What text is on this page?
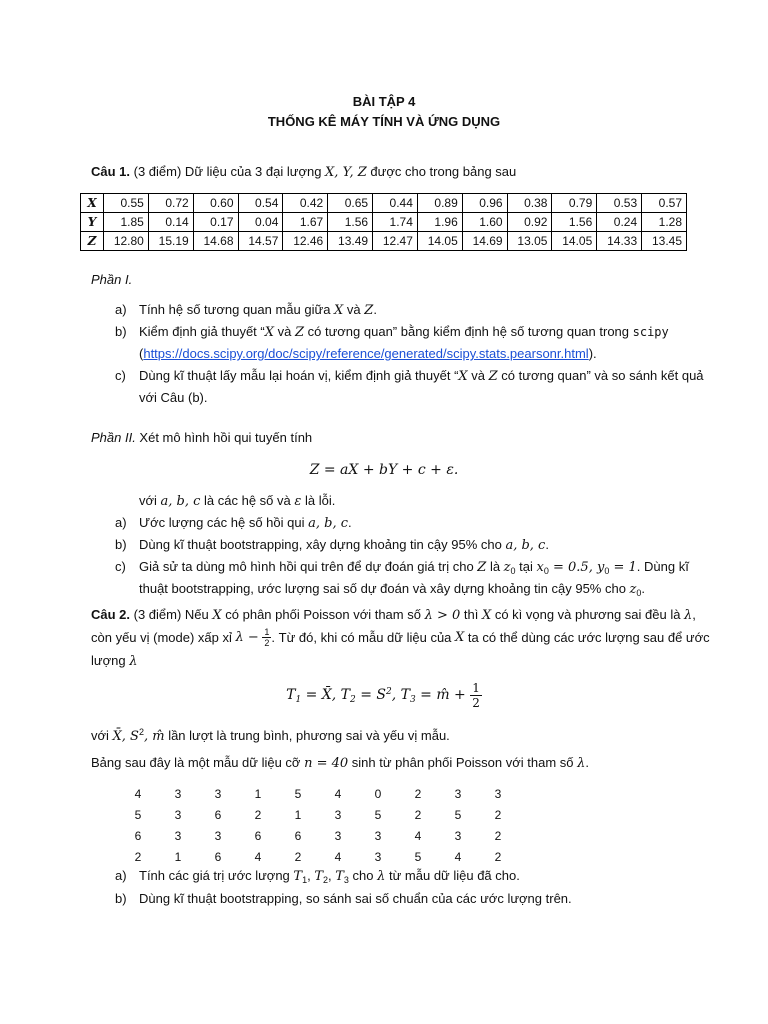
BÀI TẬP 4
THỐNG KÊ MÁY TÍNH VÀ ỨNG DỤNG
Câu 1. (3 điểm) Dữ liệu của 3 đại lượng X, Y, Z được cho trong bảng sau
X	0.55	0.72	0.60	0.54	0.42	0.65	0.44	0.89	0.96	0.38	0.79	0.53	0.57
Y	1.85	0.14	0.17	0.04	1.67	1.56	1.74	1.96	1.60	0.92	1.56	0.24	1.28
Z	12.80	15.19	14.68	14.57	12.46	13.49	12.47	14.05	14.69	13.05	14.05	14.33	13.45
Phần I.
a) Tính hệ số tương quan mẫu giữa X và Z.
b) Kiểm định giả thuyết “X và Z có tương quan” bằng kiểm định hệ số tương quan trong scipy
(https://docs.scipy.org/doc/scipy/reference/generated/scipy.stats.pearsonr.html).
c) Dùng kĩ thuật lấy mẫu lại hoán vị, kiểm định giả thuyết “X và Z có tương quan” và so sánh kết quả
với Câu (b).
Phần II. Xét mô hình hồi qui tuyến tính
Z = aX + bY + c + ε.
với a, b, c là các hệ số và ε là lỗi.
a) Ước lượng các hệ số hồi qui a, b, c.
b) Dùng kĩ thuật bootstrapping, xây dựng khoảng tin cậy 95% cho a, b, c.
c) Giả sử ta dùng mô hình hồi qui trên để dự đoán giá trị cho Z là $z_0$ tại $x_0 = 0.5$, $y_0 = 1$. Dùng kĩ
thuật bootstrapping, ước lượng sai số dự đoán và xây dựng khoảng tin cậy 95% cho $z_0$.
Câu 2. (3 điểm) Nếu X có phân phối Poisson với tham số λ > 0 thì X có kì vọng và phương sai đều là λ,
còn yếu vị (mode) xấp xỉ $\lambda - \frac{1}{2}$ . Từ đó, khi có mẫu dữ liệu của X ta có thể dùng các ước lượng sau để ước
lượng λ
$T_1$ = X̄, $T_2 = S^2$, $T_3$ = m̂ + $\frac{1}{2}$
với X̄, $S^2$, m̂ lần lượt là trung bình, phương sai và yếu vị mẫu.
Bảng sau đây là một mẫu dữ liệu cỡ n = 40 sinh từ phân phối Poisson với tham số λ.
4	3	3	1	5	4	0	2	3	3
5	3	6	2	1	3	5	2	5	2
6	3	3	6	6	3	3	4	3	2
2	1	6	4	2	4	3	5	4	2
a) Tính các giá trị ước lượng $T_1$, $T_2$, $T_3$ cho λ từ mẫu dữ liệu đã cho.
b) Dùng kĩ thuật bootstrapping, so sánh sai số chuẩn của các ước lượng trên.
